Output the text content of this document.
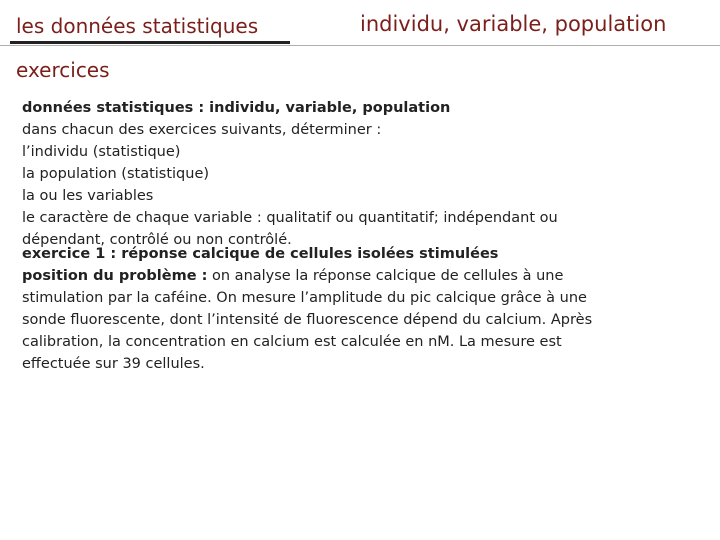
les données statistiques	individu, variable, population
exercices
données statistiques : individu, variable, population
dans chacun des exercices suivants, déterminer :
l’individu (statistique)
la population (statistique)
la ou les variables
le caractère de chaque variable : qualitatif ou quantitatif; indépendant ou
dépendant, contrôlé ou non contrôlé.
exercice 1 : réponse calcique de cellules isolées stimulées
position du problème : on analyse la réponse calcique de cellules à une
stimulation par la caféine. On mesure l’amplitude du pic calcique grâce à une
sonde fluorescente, dont l’intensité de fluorescence dépend du calcium. Après
calibration, la concentration en calcium est calculée en nM. La mesure est
effectuée sur 39 cellules.
